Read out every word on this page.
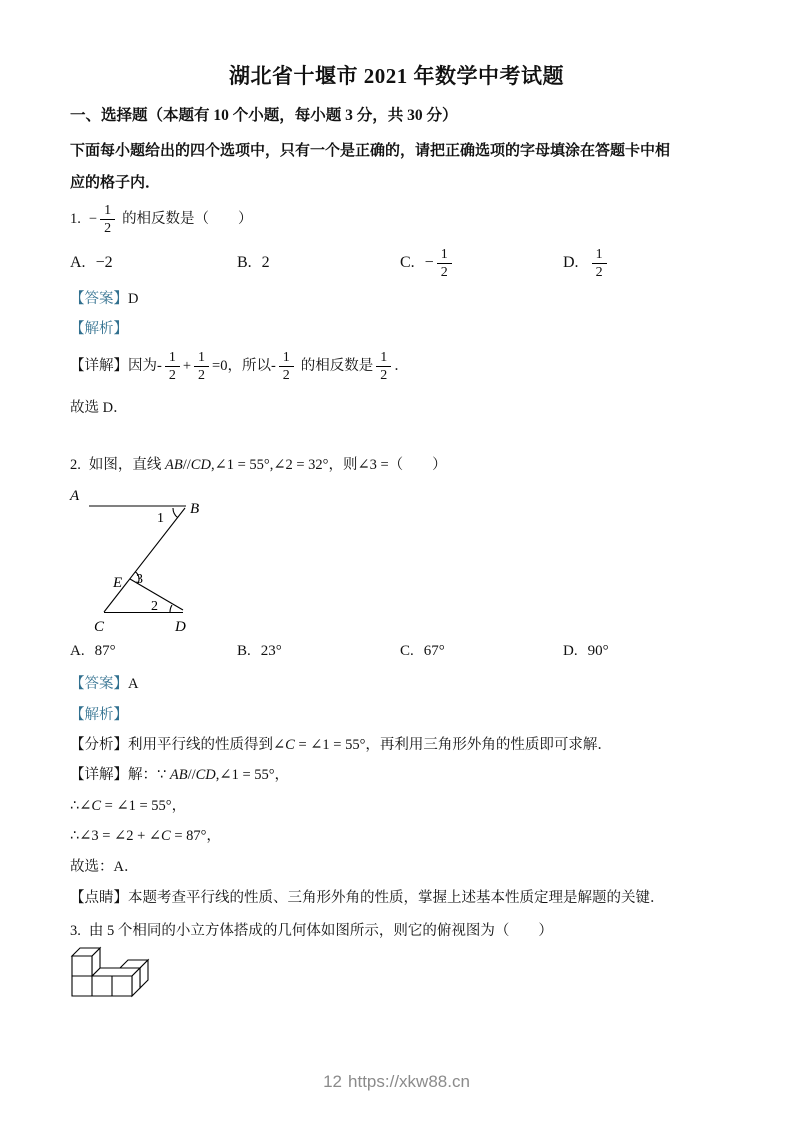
湖北省十堰市 2021 年数学中考试题
一、选择题（本题有 10 个小题，每小题 3 分，共 30 分）
下面每小题给出的四个选项中，只有一个是正确的，请把正确选项的字母填涂在答题卡中相
应的格子内．
1. − $\frac{1}{2}$ 的相反数是（　　）
A. −2	B. 2	C. − $\frac{1}{2}$	D. $\frac{1}{2}$
【答案】D
【解析】
【详解】 因为- $\frac{1}{2} + \frac{1}{2} =0$，所以- $\frac{1}{2}$ 的相反数是 $\frac{1}{2}$ ．
故选 D．
2. 如图，直线 AB//CD,∠1 = 55°,∠2 = 32°，则∠3 =（　　）
A
B
C	D
E
1
2
3
A. 87°	B. 23°	C. 67°	D. 90°
【答案】A
【解析】
【分析】利用平行线的性质得到∠C = ∠1 = 55°，再利用三角形外角的性质即可求解．
【详解】解：∵ AB//CD,∠1 = 55°，
∴∠C = ∠1 = 55°，
∴∠3 = ∠2 + ∠C = 87°，
故选：A．
【点睛】本题考查平行线的性质、三角形外角的性质，掌握上述基本性质定理是解题的关键．
3. 由 5 个相同的小立方体搭成的几何体如图所示，则它的俯视图为（　　）
12 https://xkw88.cn
